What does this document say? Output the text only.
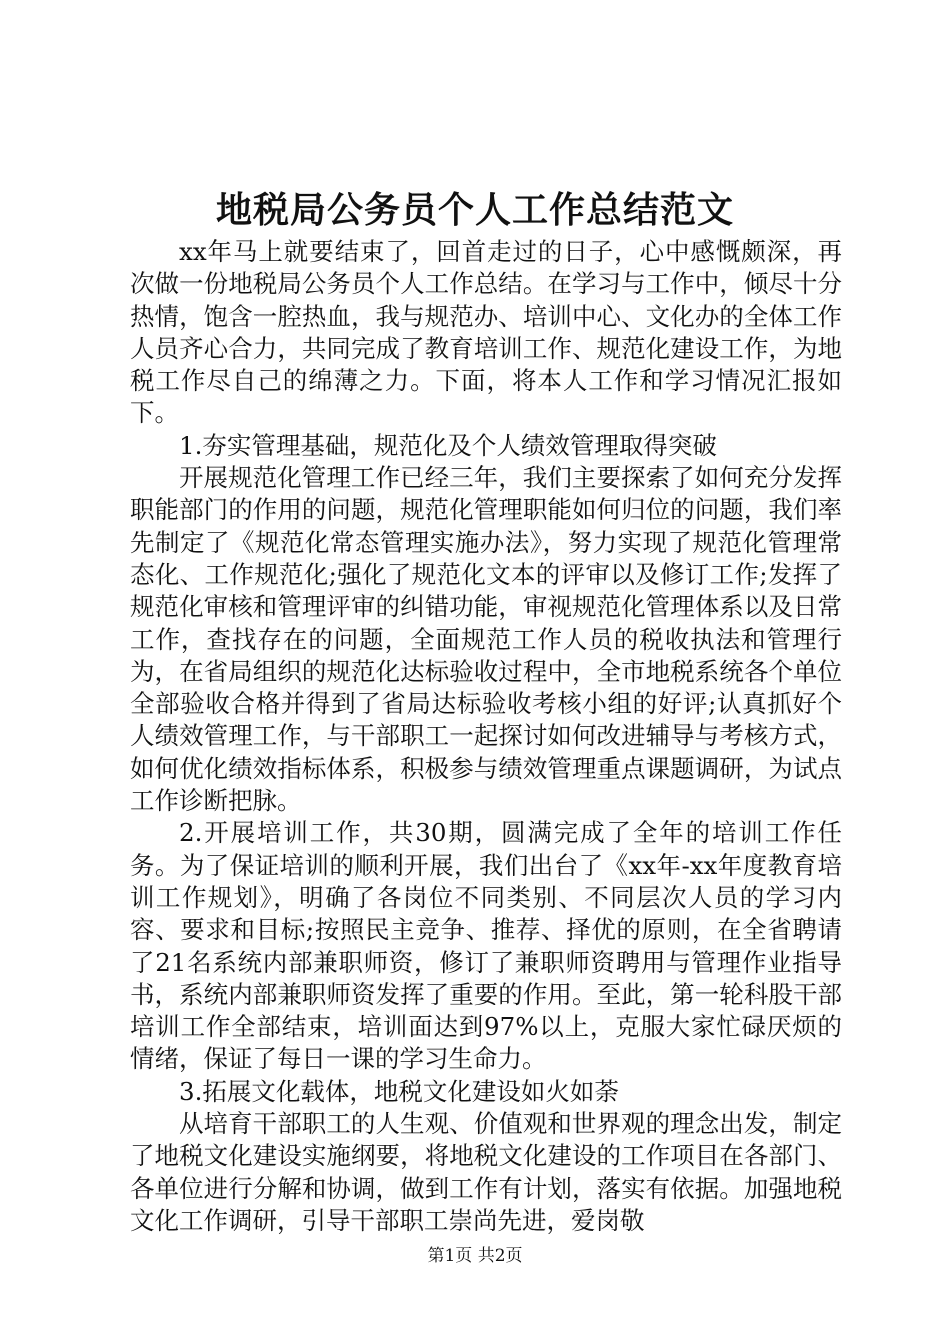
地税局公务员个人工作总结范文

xx年马上就要结束了，回首走过的日子，心中感慨颇深，再次做一份地税局公务员个人工作总结。在学习与工作中，倾尽十分热情，饱含一腔热血，我与规范办、培训中心、文化办的全体工作人员齐心合力，共同完成了教育培训工作、规范化建设工作，为地税工作尽自己的绵薄之力。下面，将本人工作和学习情况汇报如下。

1.夯实管理基础，规范化及个人绩效管理取得突破

开展规范化管理工作已经三年，我们主要探索了如何充分发挥职能部门的作用的问题，规范化管理职能如何归位的问题，我们率先制定了《规范化常态管理实施办法》，努力实现了规范化管理常态化、工作规范化;强化了规范化文本的评审以及修订工作;发挥了规范化审核和管理评审的纠错功能，审视规范化管理体系以及日常工作，查找存在的问题，全面规范工作人员的税收执法和管理行为，在省局组织的规范化达标验收过程中，全市地税系统各个单位全部验收合格并得到了省局达标验收考核小组的好评;认真抓好个人绩效管理工作，与干部职工一起探讨如何改进辅导与考核方式，如何优化绩效指标体系，积极参与绩效管理重点课题调研，为试点工作诊断把脉。

2.开展培训工作，共30期，圆满完成了全年的培训工作任务。为了保证培训的顺利开展，我们出台了《xx年-xx年度教育培训工作规划》，明确了各岗位不同类别、不同层次人员的学习内容、要求和目标;按照民主竞争、推荐、择优的原则，在全省聘请了21名系统内部兼职师资，修订了兼职师资聘用与管理作业指导书，系统内部兼职师资发挥了重要的作用。至此，第一轮科股干部培训工作全部结束，培训面达到97%以上，克服大家忙碌厌烦的情绪，保证了每日一课的学习生命力。

3.拓展文化载体，地税文化建设如火如荼

从培育干部职工的人生观、价值观和世界观的理念出发，制定了地税文化建设实施纲要，将地税文化建设的工作项目在各部门、各单位进行分解和协调，做到工作有计划，落实有依据。加强地税文化工作调研，引导干部职工崇尚先进，爱岗敬

第1页 共2页
